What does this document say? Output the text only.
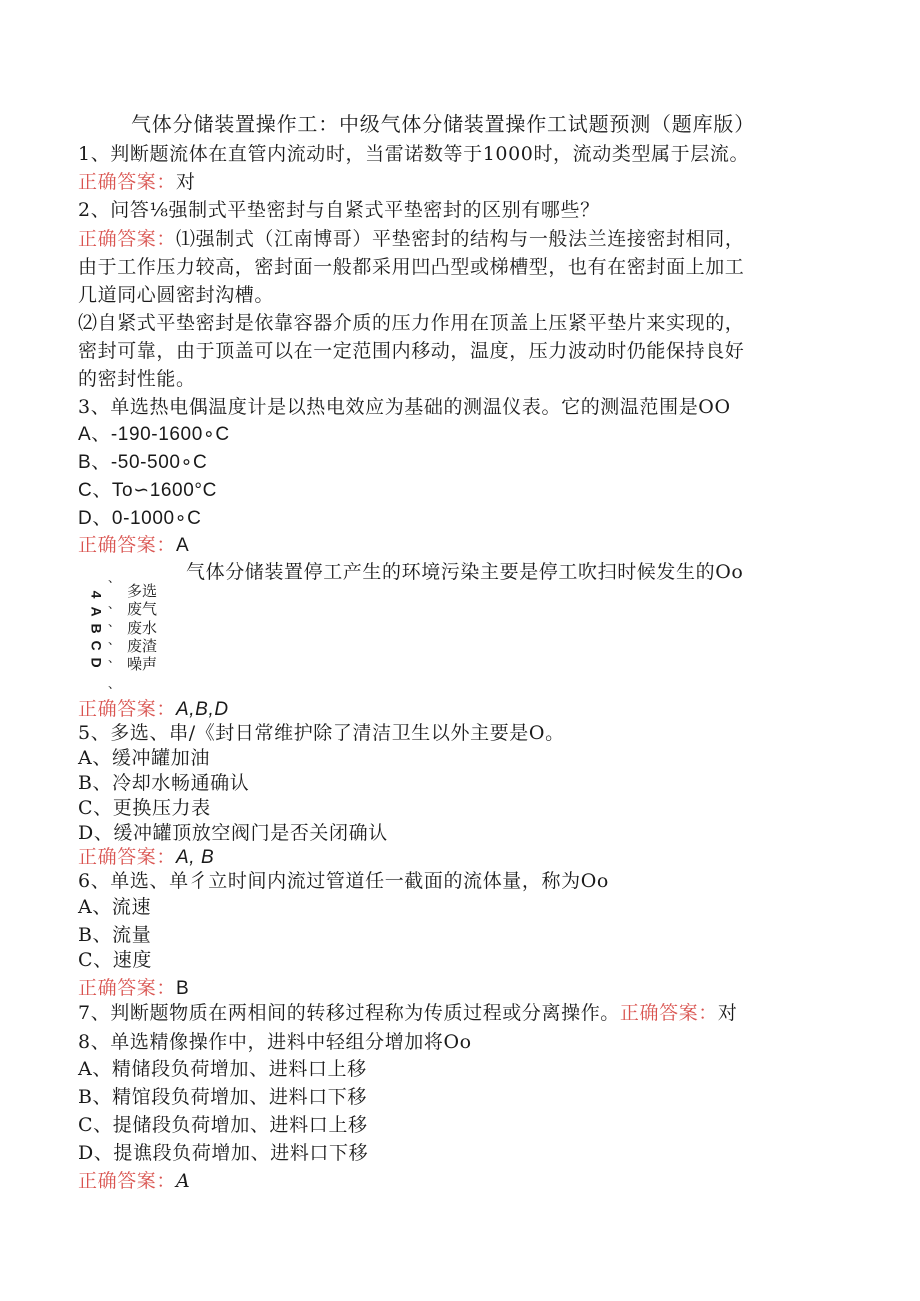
气体分储装置操作工：中级气体分储装置操作工试题预测（题库版）
1、判断题流体在直管内流动时，当雷诺数等于1000时，流动类型属于层流。
正确答案：对
2、问答⅛强制式平垫密封与自紧式平垫密封的区别有哪些？
正确答案：⑴强制式（江南博哥）平垫密封的结构与一般法兰连接密封相同，
由于工作压力较高，密封面一般都采用凹凸型或梯槽型，也有在密封面上加工
几道同心圆密封沟槽。
⑵自紧式平垫密封是依靠容器介质的压力作用在顶盖上压紧平垫片来实现的，
密封可靠，由于顶盖可以在一定范围内移动，温度，压力波动时仍能保持良好
的密封性能。
3、单选热电偶温度计是以热电效应为基础的测温仪表。它的测温范围是OO
A、-190-1600∘C
B、-50-500∘C
C、To∽1600°C
D、0-1000∘C
正确答案：A
气体分储装置停工产生的环境污染主要是停工吹扫时候发生的Oo
、
多选
4
A
B
C
D
、 废气
、 废水
、 废渣
、 噪声
、
正确答案：A,B,D
5、多选、串/《封日常维护除了清洁卫生以外主要是O。
A、缓冲罐加油
B、冷却水畅通确认
C、更换压力表
D、缓冲罐顶放空阀门是否关闭确认
正确答案：A, B
6、单选、单彳立时间内流过管道任一截面的流体量，称为Oo
A、流速
B、流量
C、速度
正确答案：B
7、判断题物质在两相间的转移过程称为传质过程或分离操作。正确答案：对
8、单选精像操作中，进料中轻组分增加将Oo
A、精储段负荷增加、进料口上移
B、精馆段负荷增加、进料口下移
C、提储段负荷增加、进料口上移
D、提谯段负荷增加、进料口下移
正确答案：A
